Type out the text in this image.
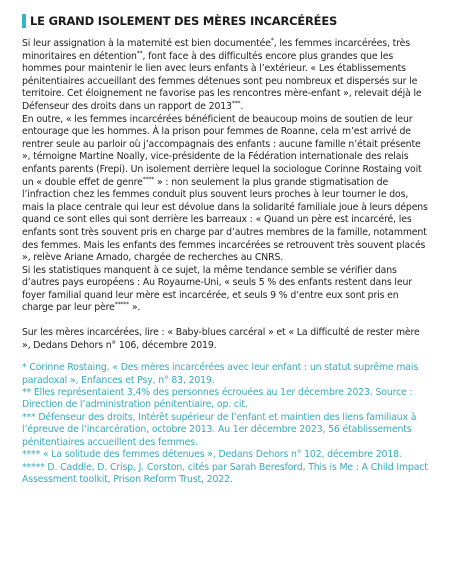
LE GRAND ISOLEMENT DES MÈRES INCARCÉRÉES

Si leur assignation à la maternité est bien documentée*, les femmes incarcérées, très minoritaires en détention**, font face à des difficultés encore plus grandes que les hommes pour maintenir le lien avec leurs enfants à l’extérieur. « Les établissements pénitentiaires accueillant des femmes détenues sont peu nombreux et dispersés sur le territoire. Cet éloignement ne favorise pas les rencontres mère-enfant », relevait déjà le Défenseur des droits dans un rapport de 2013***.

En outre, « les femmes incarcérées bénéficient de beaucoup moins de soutien de leur entourage que les hommes. À la prison pour femmes de Roanne, cela m’est arrivé de rentrer seule au parloir où j’accompagnais des enfants : aucune famille n’était présente », témoigne Martine Noally, vice-présidente de la Fédération internationale des relais enfants parents (Frepi). Un isolement derrière lequel la sociologue Corinne Rostaing voit un « double effet de genre**** » : non seulement la plus grande stigmatisation de l’infraction chez les femmes conduit plus souvent leurs proches à leur tourner le dos, mais la place centrale qui leur est dévolue dans la solidarité familiale joue à leurs dépens quand ce sont elles qui sont derrière les barreaux : « Quand un père est incarcéré, les enfants sont très souvent pris en charge par d’autres membres de la famille, notamment des femmes. Mais les enfants des femmes incarcérées se retrouvent très souvent placés », relève Ariane Amado, chargée de recherches au CNRS.

Si les statistiques manquent à ce sujet, la même tendance semble se vérifier dans d’autres pays européens : Au Royaume-Uni, « seuls 5 % des enfants restent dans leur foyer familial quand leur mère est incarcérée, et seuls 9 % d’entre eux sont pris en charge par leur père***** ».

Sur les mères incarcérées, lire : « Baby-blues carcéral » et « La difficulté de rester mère », Dedans Dehors n° 106, décembre 2019.

* Corinne Rostaing, « Des mères incarcérées avec leur enfant : un statut suprême mais paradoxal », Enfances et Psy, n° 83, 2019.

** Elles représentaient 3,4% des personnes écrouées au 1er décembre 2023. Source : Direction de l’administration pénitentiaire, op. cit.

*** Défenseur des droits, Intérêt supérieur de l’enfant et maintien des liens familiaux à l’épreuve de l’incarcération, octobre 2013. Au 1er décembre 2023, 56 établissements pénitentiaires accueillent des femmes.

**** « La solitude des femmes détenues », Dedans Dehors n° 102, décembre 2018.

***** D. Caddle, D. Crisp, J. Corston, cités par Sarah Beresford, This is Me : A Child Impact Assessment toolkit, Prison Reform Trust, 2022.
